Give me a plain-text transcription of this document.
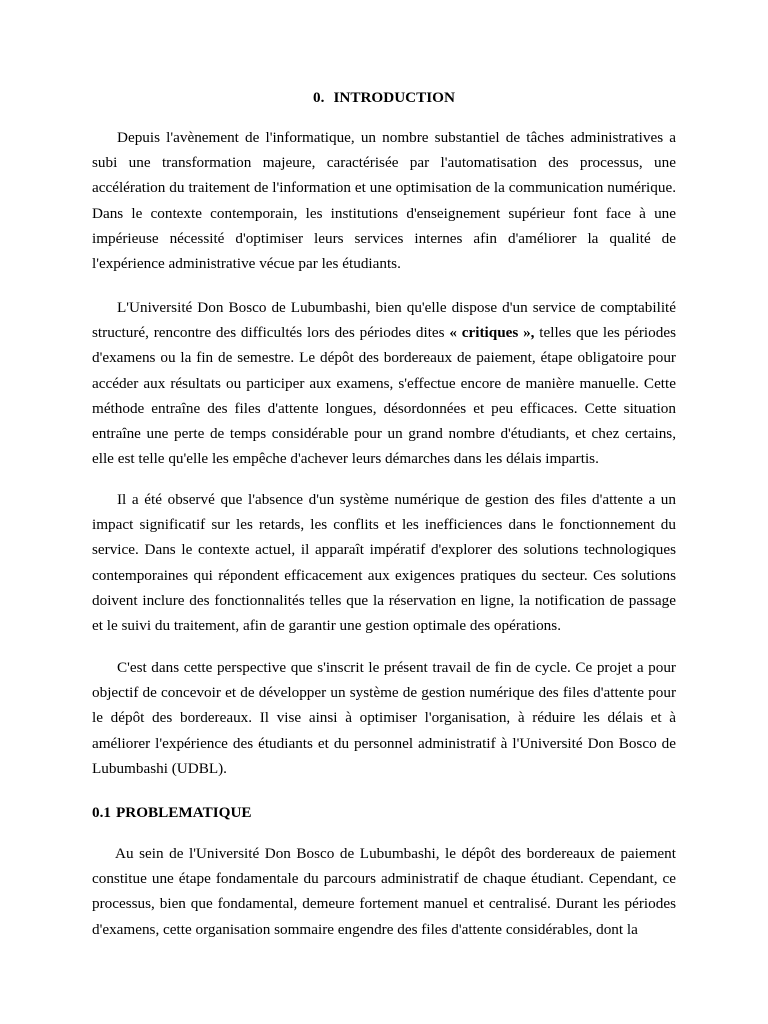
0. INTRODUCTION

Depuis l'avènement de l'informatique, un nombre substantiel de tâches administratives a subi une transformation majeure, caractérisée par l'automatisation des processus, une accélération du traitement de l'information et une optimisation de la communication numérique. Dans le contexte contemporain, les institutions d'enseignement supérieur font face à une impérieuse nécessité d'optimiser leurs services internes afin d'améliorer la qualité de l'expérience administrative vécue par les étudiants.

L'Université Don Bosco de Lubumbashi, bien qu'elle dispose d'un service de comptabilité structuré, rencontre des difficultés lors des périodes dites « critiques », telles que les périodes d'examens ou la fin de semestre. Le dépôt des bordereaux de paiement, étape obligatoire pour accéder aux résultats ou participer aux examens, s'effectue encore de manière manuelle. Cette méthode entraîne des files d'attente longues, désordonnées et peu efficaces. Cette situation entraîne une perte de temps considérable pour un grand nombre d'étudiants, et chez certains, elle est telle qu'elle les empêche d'achever leurs démarches dans les délais impartis.

Il a été observé que l'absence d'un système numérique de gestion des files d'attente a un impact significatif sur les retards, les conflits et les inefficiences dans le fonctionnement du service. Dans le contexte actuel, il apparaît impératif d'explorer des solutions technologiques contemporaines qui répondent efficacement aux exigences pratiques du secteur. Ces solutions doivent inclure des fonctionnalités telles que la réservation en ligne, la notification de passage et le suivi du traitement, afin de garantir une gestion optimale des opérations.

C'est dans cette perspective que s'inscrit le présent travail de fin de cycle. Ce projet a pour objectif de concevoir et de développer un système de gestion numérique des files d'attente pour le dépôt des bordereaux. Il vise ainsi à optimiser l'organisation, à réduire les délais et à améliorer l'expérience des étudiants et du personnel administratif à l'Université Don Bosco de Lubumbashi (UDBL).

0.1 PROBLEMATIQUE

Au sein de l'Université Don Bosco de Lubumbashi, le dépôt des bordereaux de paiement constitue une étape fondamentale du parcours administratif de chaque étudiant. Cependant, ce processus, bien que fondamental, demeure fortement manuel et centralisé. Durant les périodes d'examens, cette organisation sommaire engendre des files d'attente considérables, dont la
